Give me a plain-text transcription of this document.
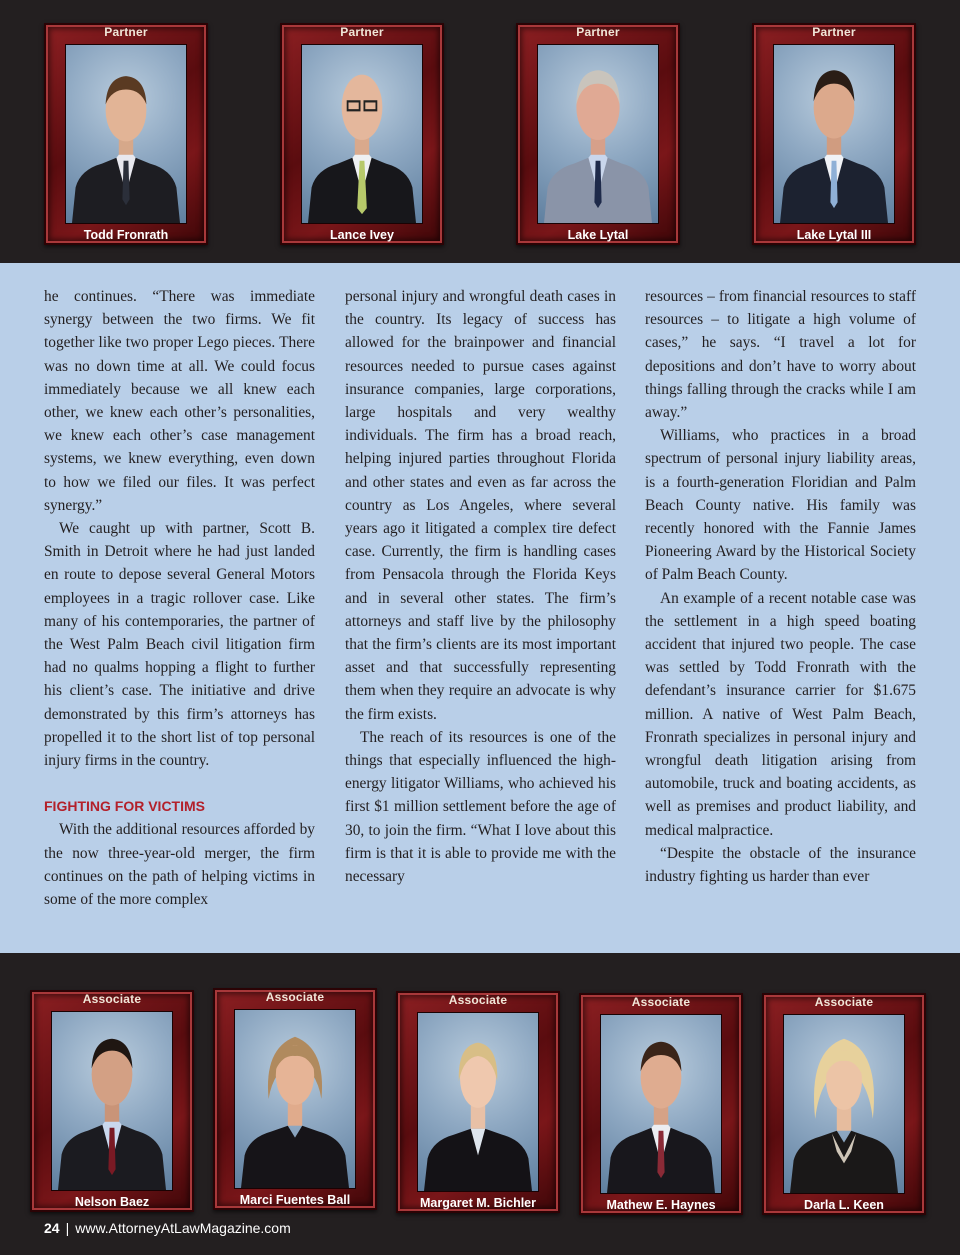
Partner
Todd Fronrath
Partner
Lance Ivey
Partner
Lake Lytal
Partner
Lake Lytal III

he continues. “There was immediate synergy between the two firms. We fit together like two proper Lego pieces. There was no down time at all. We could focus immediately because we all knew each other, we knew each other’s personalities, we knew each other’s case management systems, we knew everything, even down to how we filed our files. It was perfect synergy.”

We caught up with partner, Scott B. Smith in Detroit where he had just landed en route to depose several General Motors employees in a tragic rollover case. Like many of his contemporaries, the partner of the West Palm Beach civil litigation firm had no qualms hopping a flight to further his client’s case. The initiative and drive demonstrated by this firm’s attorneys has propelled it to the short list of top personal injury firms in the country.

FIGHTING FOR VICTIMS

With the additional resources afforded by the now three-year-old merger, the firm continues on the path of helping victims in some of the more complex

personal injury and wrongful death cases in the country. Its legacy of success has allowed for the brainpower and financial resources needed to pursue cases against insurance companies, large corporations, large hospitals and very wealthy individuals. The firm has a broad reach, helping injured parties throughout Florida and other states and even as far across the country as Los Angeles, where several years ago it litigated a complex tire defect case. Currently, the firm is handling cases from Pensacola through the Florida Keys and in several other states. The firm’s attorneys and staff live by the philosophy that the firm’s clients are its most important asset and that successfully representing them when they require an advocate is why the firm exists.

The reach of its resources is one of the things that especially influenced the high-energy litigator Williams, who achieved his first $1 million settlement before the age of 30, to join the firm. “What I love about this firm is that it is able to provide me with the necessary

resources – from financial resources to staff resources – to litigate a high volume of cases,” he says. “I travel a lot for depositions and don’t have to worry about things falling through the cracks while I am away.”

Williams, who practices in a broad spectrum of personal injury liability areas, is a fourth-generation Floridian and Palm Beach County native. His family was recently honored with the Fannie James Pioneering Award by the Historical Society of Palm Beach County.

An example of a recent notable case was the settlement in a high speed boating accident that injured two people. The case was settled by Todd Fronrath with the defendant’s insurance carrier for $1.675 million. A native of West Palm Beach, Fronrath specializes in personal injury and wrongful death litigation arising from automobile, truck and boating accidents, as well as premises and product liability, and medical malpractice.

“Despite the obstacle of the insurance industry fighting us harder than ever

Associate
Nelson Baez
Associate
Marci Fuentes Ball
Associate
Margaret M. Bichler
Associate
Mathew E. Haynes
Associate
Darla L. Keen
24 | www.AttorneyAtLawMagazine.com
